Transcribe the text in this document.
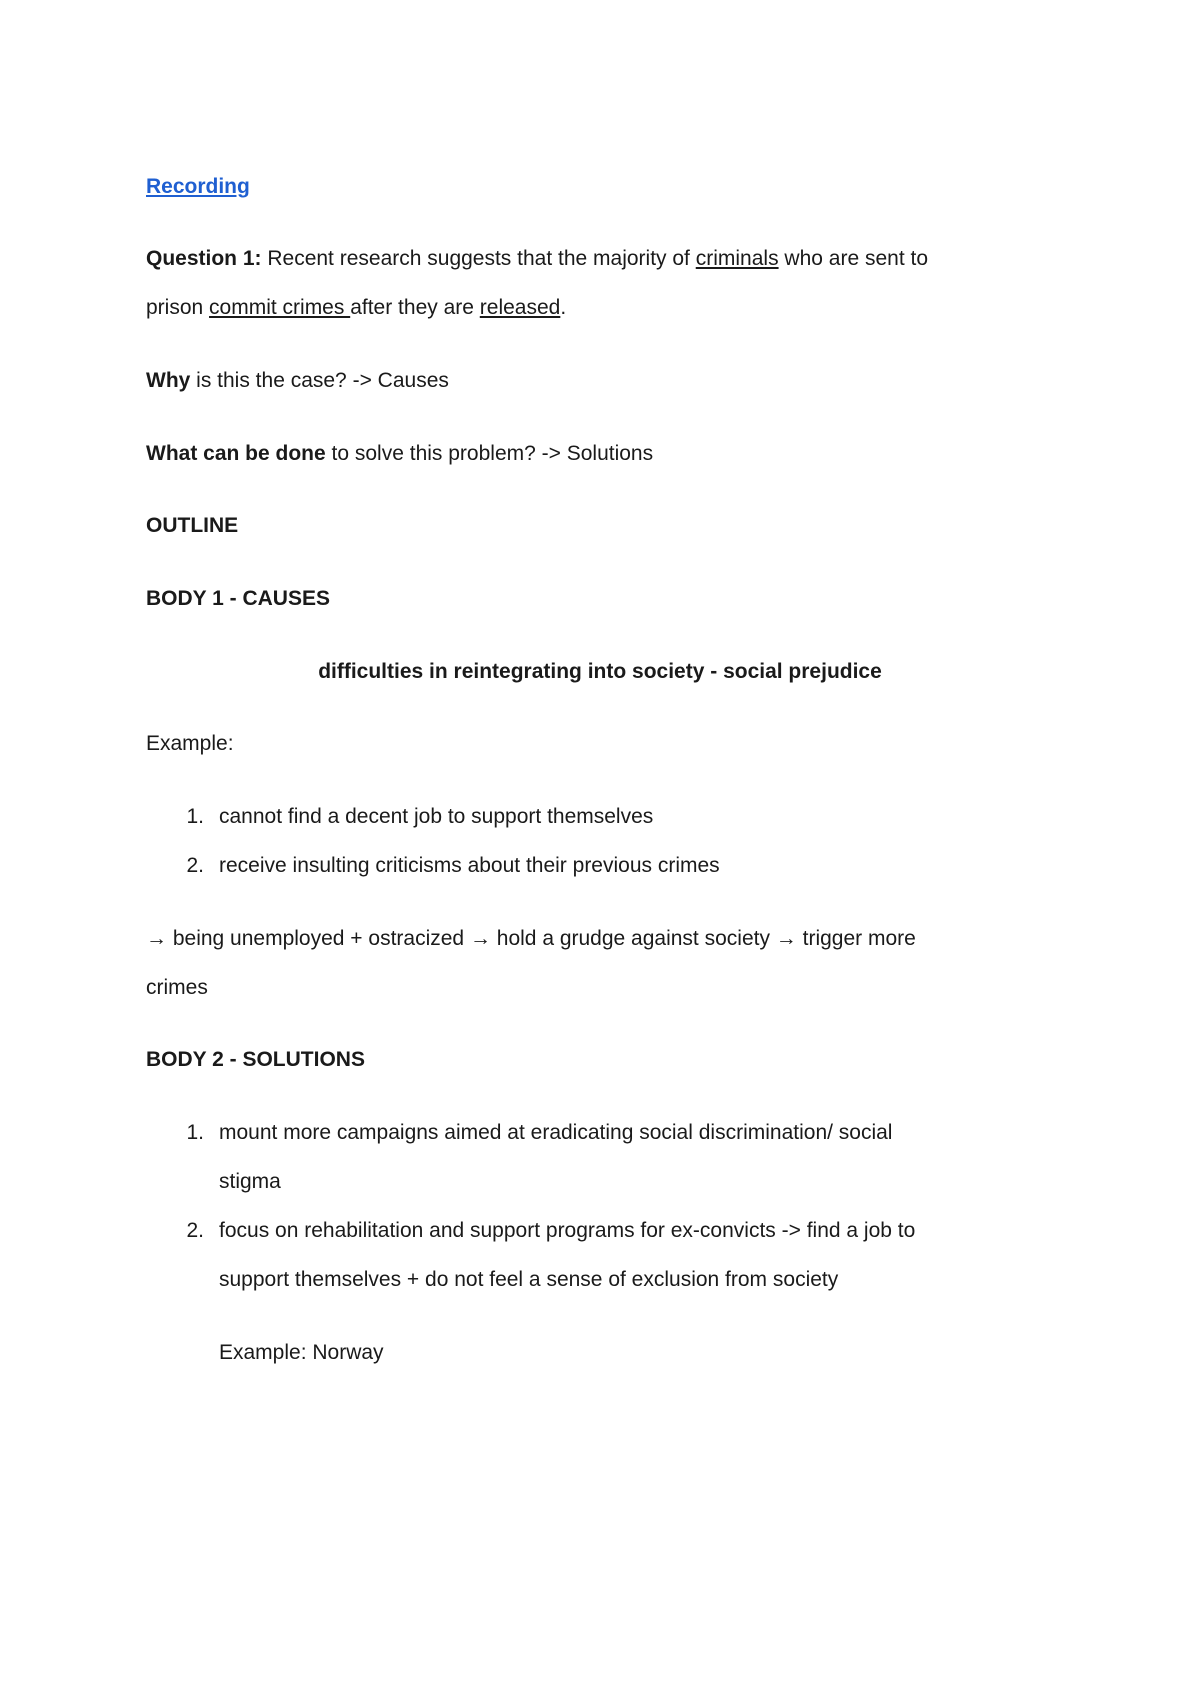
Recording
Question 1: Recent research suggests that the majority of criminals who are sent to
prison commit crimes after they are released.
Why is this the case? -> Causes
What can be done to solve this problem? -> Solutions
OUTLINE
BODY 1 - CAUSES
difficulties in reintegrating into society - social prejudice
Example:
1. cannot find a decent job to support themselves
2. receive insulting criticisms about their previous crimes
→ being unemployed + ostracized → hold a grudge against society → trigger more
crimes
BODY 2 - SOLUTIONS
1. mount more campaigns aimed at eradicating social discrimination/ social
stigma
2. focus on rehabilitation and support programs for ex-convicts -> find a job to
support themselves + do not feel a sense of exclusion from society
Example: Norway
